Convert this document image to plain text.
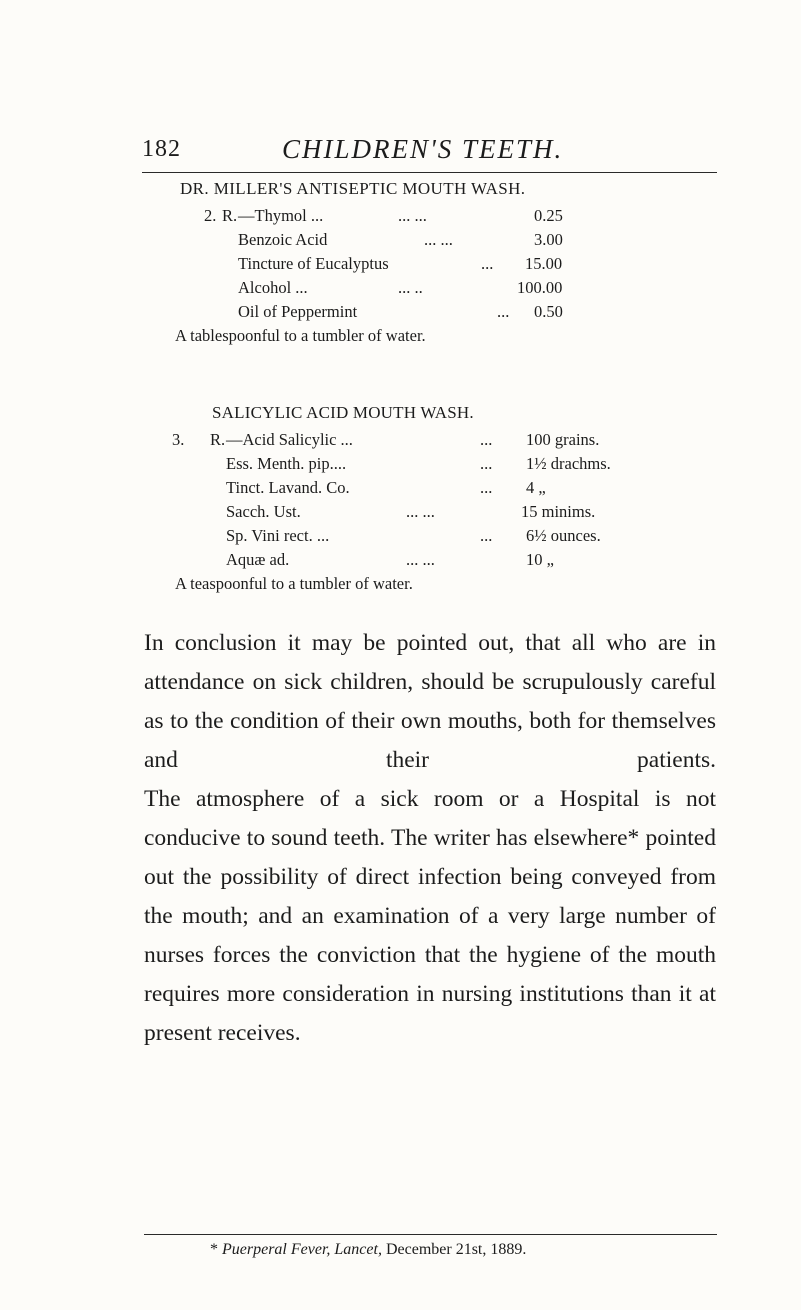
182	CHILDREN'S TEETH.
DR. MILLER'S ANTISEPTIC MOUTH WASH.
2. R. —Thymol ...	... ...	0.25
Benzoic Acid	... ...	3.00
Tincture of Eucalyptus	... 15.00
Alcohol ...	... ..	100.00
Oil of Peppermint	... 0.50
A tablespoonful to a tumbler of water.
SALICYLIC ACID MOUTH WASH.
3. R. —Acid Salicylic ...	... 100 grains.
Ess. Menth. pip....	... 1½ drachms.
Tinct. Lavand. Co.	... 4 „
Sacch. Ust.	... ...	15 minims.
Sp. Vini rect. ...	... 6½ ounces.
Aquæ ad.	... ...	10 „
A teaspoonful to a tumbler of water.

In conclusion it may be pointed out, that all who are in attendance on sick children, should be scrupulously careful as to the condition of their own mouths, both for themselves and their patients.

The atmosphere of a sick room or a Hospital is not conducive to sound teeth. The writer has elsewhere* pointed out the possibility of direct infection being conveyed from the mouth; and an examination of a very large number of nurses forces the conviction that the hygiene of the mouth requires more consideration in nursing institutions than it at present receives.

* Puerperal Fever, Lancet, December 21st, 1889.
